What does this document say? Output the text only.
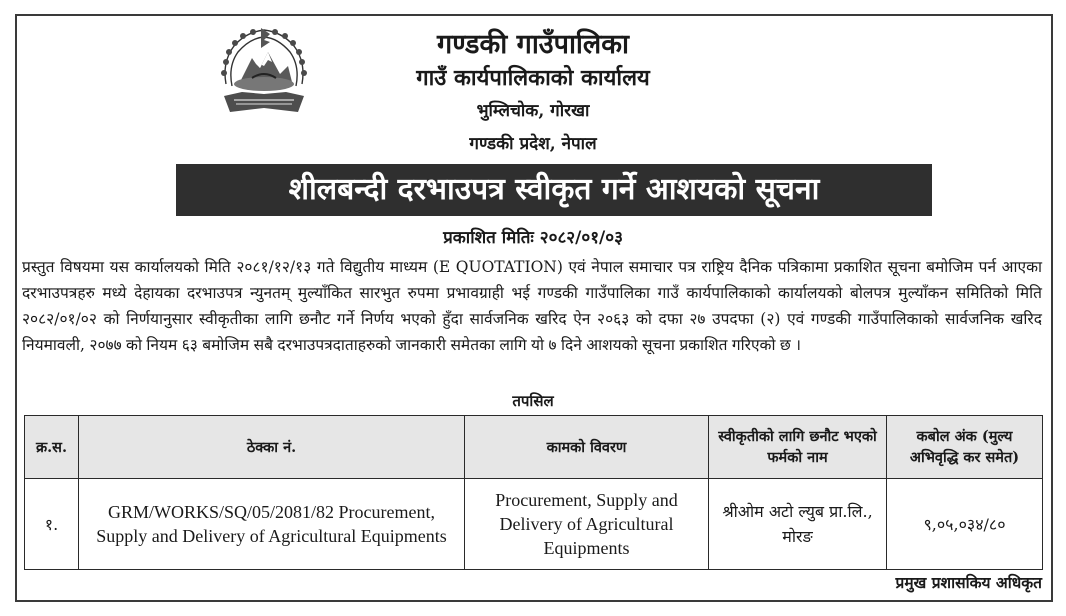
गण्डकी गाउँपालिका
गाउँ कार्यपालिकाको कार्यालय
भुम्लिचोक, गोरखा
गण्डकी प्रदेश, नेपाल
शीलबन्दी दरभाउपत्र स्वीकृत गर्ने आशयको सूचना
प्रकाशित मितिः २०८२/०१/०३
प्रस्तुत विषयमा यस कार्यालयको मिति २०८१/१२/१३ गते विद्युतीय माध्यम (E QUOTATION) एवं नेपाल समाचार पत्र राष्ट्रिय दैनिक पत्रिकामा प्रकाशित सूचना बमोजिम पर्न आएका दरभाउपत्रहरु मध्ये देहायका दरभाउपत्र न्युनतम् मुल्याँकित सारभुत रुपमा प्रभावग्राही भई गण्डकी गाउँपालिका गाउँ कार्यपालिकाको कार्यालयको बोलपत्र मुल्याँकन समितिको मिति २०८२/०१/०२ को निर्णयानुसार स्वीकृतीका लागि छनौट गर्ने निर्णय भएको हुँदा सार्वजनिक खरिद ऐन २०६३ को दफा २७ उपदफा (२) एवं गण्डकी गाउँपालिकाको सार्वजनिक खरिद नियमावली, २०७७ को नियम ६३ बमोजिम सबै दरभाउपत्रदाताहरुको जानकारी समेतका लागि यो ७ दिने आशयको सूचना प्रकाशित गरिएको छ ।
तपसिल
क्र.स.	ठेक्का नं.	कामको विवरण	स्वीकृतीको लागि छनौट भएको फर्मको नाम	कबोल अंक (मुल्य अभिवृद्धि कर समेत)
१.	GRM/WORKS/SQ/05/2081/82 Procurement, Supply and Delivery of Agricultural Equipments	Procurement, Supply and Delivery of Agricultural Equipments	श्रीओम अटो ल्युब प्रा.लि., मोरङ	९,०५,०३४/८०
प्रमुख प्रशासकिय अधिकृत
